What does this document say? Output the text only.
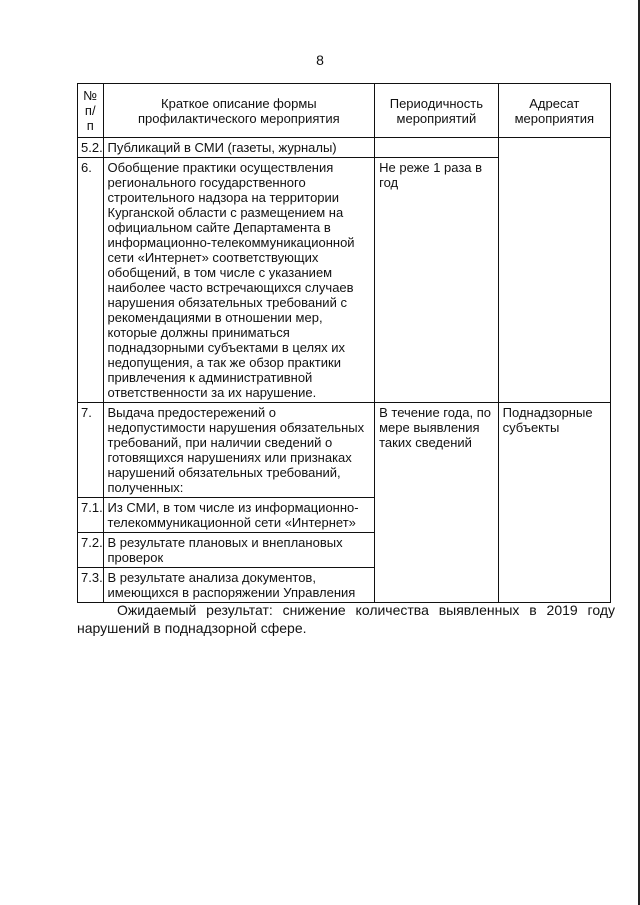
8
№ п/п	Краткое описание формы профилактического мероприятия	Периодичность мероприятий	Адресат мероприятия
5.2.	Публикаций в СМИ (газеты, журналы)		
6.	Обобщение практики осуществления регионального государственного строительного надзора на территории Курганской области с размещением на официальном сайте Департамента в информационно-телекоммуникационной сети «Интернет» соответствующих обобщений, в том числе с указанием наиболее часто встречающихся случаев нарушения обязательных требований с рекомендациями в отношении мер, которые должны приниматься поднадзорными субъектами в целях их недопущения, а так же обзор практики привлечения к административной ответственности за их нарушение.	Не реже 1 раза в год	
7.	Выдача предостережений о недопустимости нарушения обязательных требований, при наличии сведений о готовящихся нарушениях или признаках нарушений обязательных требований, полученных:	В течение года, по мере выявления таких сведений	Поднадзорные субъекты
7.1.	Из СМИ, в том числе из информационно-телекоммуникационной сети «Интернет»		
7.2.	В результате плановых и внеплановых проверок		
7.3.	В результате анализа документов, имеющихся в распоряжении Управления		

Ожидаемый результат: снижение количества выявленных в 2019 году нарушений в поднадзорной сфере.
